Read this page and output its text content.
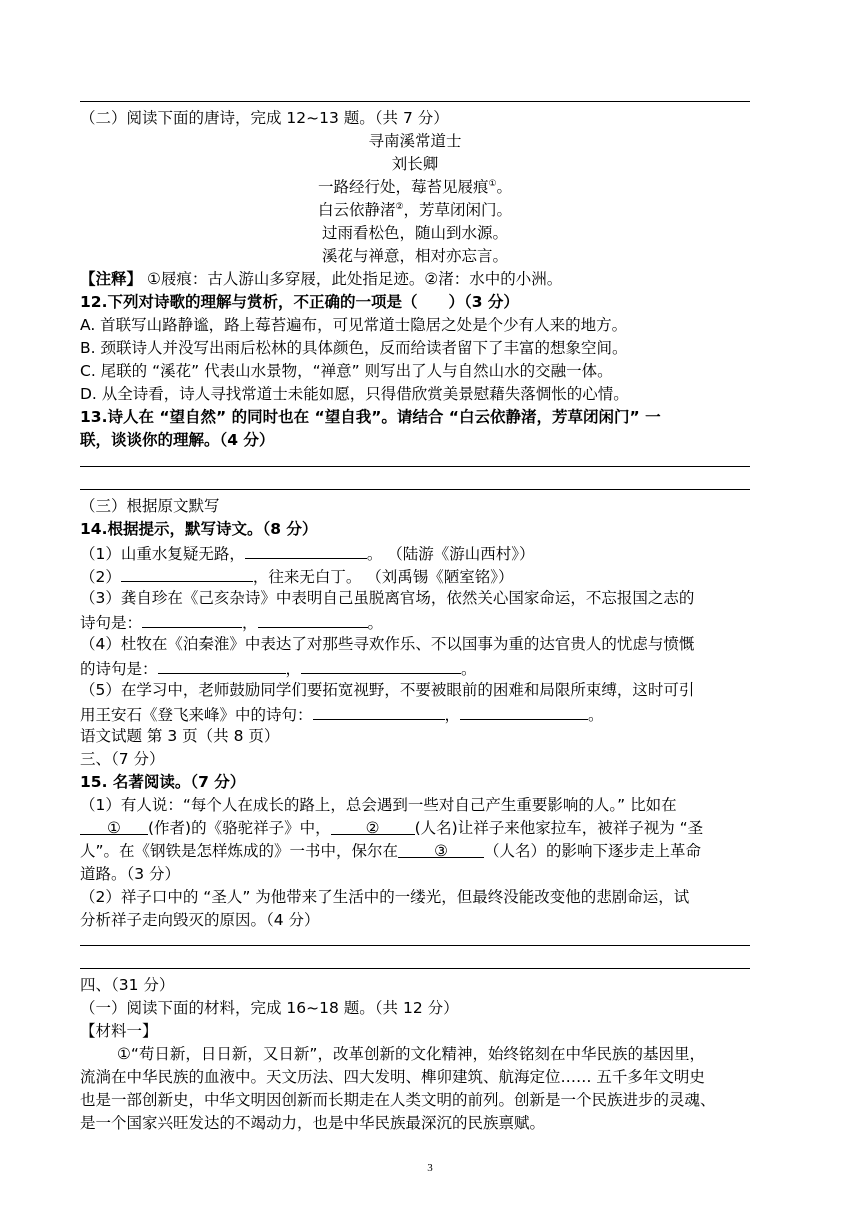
（二）阅读下面的唐诗，完成 12~13 题。（共 7 分）
寻南溪常道士
刘长卿
一路经行处，莓苔见屐痕①。
白云依静渚②，芳草闭闲门。
过雨看松色，随山到水源。
溪花与禅意，相对亦忘言。
【注释】 ①屐痕：古人游山多穿屐，此处指足迹。②渚：水中的小洲。
12.下列对诗歌的理解与赏析，不正确的一项是（　　）（3 分）
A. 首联写山路静谧，路上莓苔遍布，可见常道士隐居之处是个少有人来的地方。
B. 颈联诗人并没写出雨后松林的具体颜色，反而给读者留下了丰富的想象空间。
C. 尾联的 “溪花” 代表山水景物，“禅意” 则写出了人与自然山水的交融一体。
D. 从全诗看，诗人寻找常道士未能如愿，只得借欣赏美景慰藉失落惆怅的心情。
13.诗人在 “望自然” 的同时也在 “望自我”。请结合 “白云依静渚，芳草闭闲门” 一
联，谈谈你的理解。（4 分）
（三）根据原文默写
14.根据提示，默写诗文。（8 分）
（1）山重水复疑无路，	。 （陆游《游山西村》）
（2）	，往来无白丁。 （刘禹锡《陋室铭》）
（3）龚自珍在《己亥杂诗》中表明自己虽脱离官场，依然关心国家命运，不忘报国之志的
诗句是：	，	。
（4）杜牧在《泊秦淮》中表达了对那些寻欢作乐、不以国事为重的达官贵人的忧虑与愤慨
的诗句是：	，	。
（5）在学习中，老师鼓励同学们要拓宽视野，不要被眼前的困难和局限所束缚，这时可引
用王安石《登飞来峰》中的诗句：	，	。
语文试题 第 3 页（共 8 页）
三、（7 分）
15. 名著阅读。（7 分）
（1）有人说：“每个人在成长的路上，总会遇到一些对自己产生重要影响的人。” 比如在
① (作者)的《骆驼祥子》中， ② (人名)让祥子来他家拉车，被祥子视为 “圣
人”。在《钢铁是怎样炼成的》一书中，保尔在 ③ （人名）的影响下逐步走上革命
道路。（3 分）
（2）祥子口中的 “圣人” 为他带来了生活中的一缕光，但最终没能改变他的悲剧命运，试
分析祥子走向毁灭的原因。（4 分）
四、（31 分）
（一）阅读下面的材料，完成 16~18 题。（共 12 分）
【材料一】
①“苟日新，日日新，又日新”，改革创新的文化精神，始终铭刻在中华民族的基因里，
流淌在中华民族的血液中。天文历法、四大发明、榫卯建筑、航海定位…… 五千多年文明史
也是一部创新史，中华文明因创新而长期走在人类文明的前列。创新是一个民族进步的灵魂、
是一个国家兴旺发达的不竭动力，也是中华民族最深沉的民族禀赋。
3
